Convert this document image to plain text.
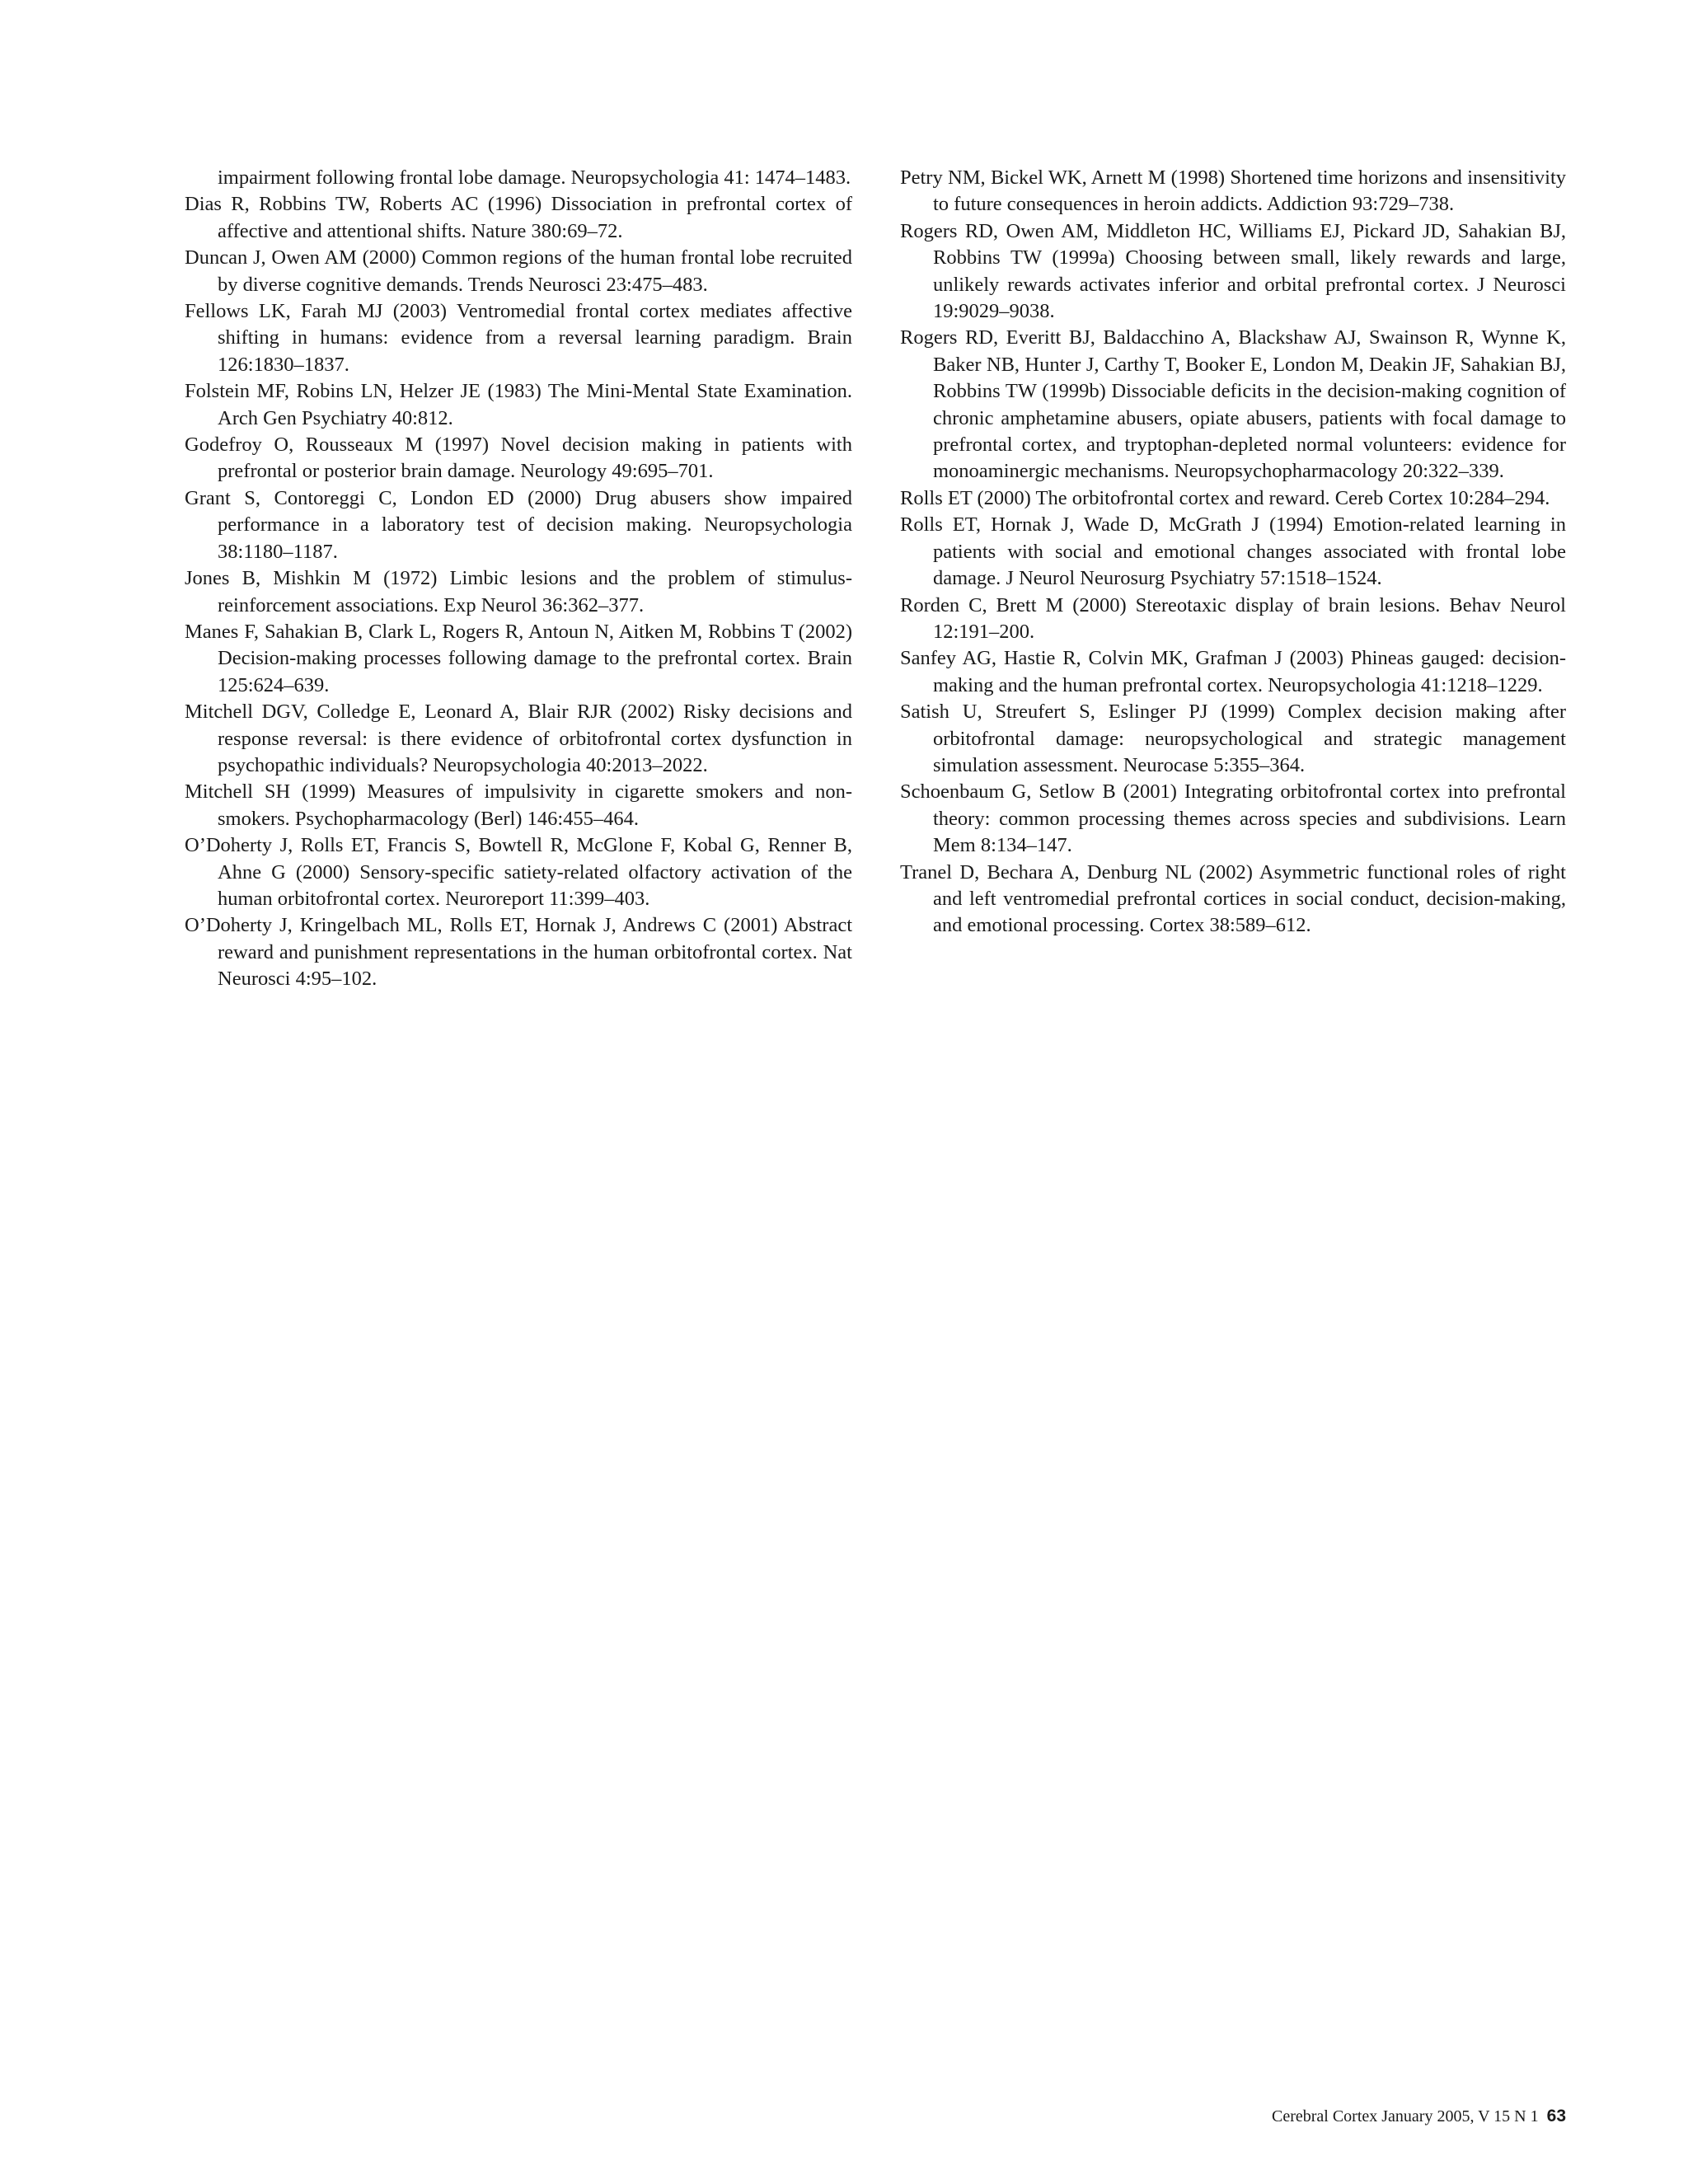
impairment following frontal lobe damage. Neuropsychologia 41: 1474–1483.

Dias R, Robbins TW, Roberts AC (1996) Dissociation in prefrontal cortex of affective and attentional shifts. Nature 380:69–72.

Duncan J, Owen AM (2000) Common regions of the human frontal lobe recruited by diverse cognitive demands. Trends Neurosci 23:475–483.

Fellows LK, Farah MJ (2003) Ventromedial frontal cortex mediates affective shifting in humans: evidence from a reversal learning paradigm. Brain 126:1830–1837.

Folstein MF, Robins LN, Helzer JE (1983) The Mini-Mental State Examination. Arch Gen Psychiatry 40:812.

Godefroy O, Rousseaux M (1997) Novel decision making in patients with prefrontal or posterior brain damage. Neurology 49:695–701.

Grant S, Contoreggi C, London ED (2000) Drug abusers show impaired performance in a laboratory test of decision making. Neuropsychologia 38:1180–1187.

Jones B, Mishkin M (1972) Limbic lesions and the problem of stimulus-reinforcement associations. Exp Neurol 36:362–377.

Manes F, Sahakian B, Clark L, Rogers R, Antoun N, Aitken M, Robbins T (2002) Decision-making processes following damage to the prefrontal cortex. Brain 125:624–639.

Mitchell DGV, Colledge E, Leonard A, Blair RJR (2002) Risky decisions and response reversal: is there evidence of orbitofrontal cortex dysfunction in psychopathic individuals? Neuropsychologia 40:2013–2022.

Mitchell SH (1999) Measures of impulsivity in cigarette smokers and non-smokers. Psychopharmacology (Berl) 146:455–464.

O’Doherty J, Rolls ET, Francis S, Bowtell R, McGlone F, Kobal G, Renner B, Ahne G (2000) Sensory-specific satiety-related olfactory activation of the human orbitofrontal cortex. Neuroreport 11:399–403.

O’Doherty J, Kringelbach ML, Rolls ET, Hornak J, Andrews C (2001) Abstract reward and punishment representations in the human orbitofrontal cortex. Nat Neurosci 4:95–102.

Petry NM, Bickel WK, Arnett M (1998) Shortened time horizons and insensitivity to future consequences in heroin addicts. Addiction 93:729–738.

Rogers RD, Owen AM, Middleton HC, Williams EJ, Pickard JD, Sahakian BJ, Robbins TW (1999a) Choosing between small, likely rewards and large, unlikely rewards activates inferior and orbital prefrontal cortex. J Neurosci 19:9029–9038.

Rogers RD, Everitt BJ, Baldacchino A, Blackshaw AJ, Swainson R, Wynne K, Baker NB, Hunter J, Carthy T, Booker E, London M, Deakin JF, Sahakian BJ, Robbins TW (1999b) Dissociable deficits in the decision-making cognition of chronic amphetamine abusers, opiate abusers, patients with focal damage to prefrontal cortex, and tryptophan-depleted normal volunteers: evidence for monoaminergic mechanisms. Neuropsychopharmacology 20:322–339.

Rolls ET (2000) The orbitofrontal cortex and reward. Cereb Cortex 10:284–294.

Rolls ET, Hornak J, Wade D, McGrath J (1994) Emotion-related learning in patients with social and emotional changes associated with frontal lobe damage. J Neurol Neurosurg Psychiatry 57:1518–1524.

Rorden C, Brett M (2000) Stereotaxic display of brain lesions. Behav Neurol 12:191–200.

Sanfey AG, Hastie R, Colvin MK, Grafman J (2003) Phineas gauged: decision-making and the human prefrontal cortex. Neuropsychologia 41:1218–1229.

Satish U, Streufert S, Eslinger PJ (1999) Complex decision making after orbitofrontal damage: neuropsychological and strategic management simulation assessment. Neurocase 5:355–364.

Schoenbaum G, Setlow B (2001) Integrating orbitofrontal cortex into prefrontal theory: common processing themes across species and subdivisions. Learn Mem 8:134–147.

Tranel D, Bechara A, Denburg NL (2002) Asymmetric functional roles of right and left ventromedial prefrontal cortices in social conduct, decision-making, and emotional processing. Cortex 38:589–612.

Cerebral Cortex January 2005, V 15 N 1 63
